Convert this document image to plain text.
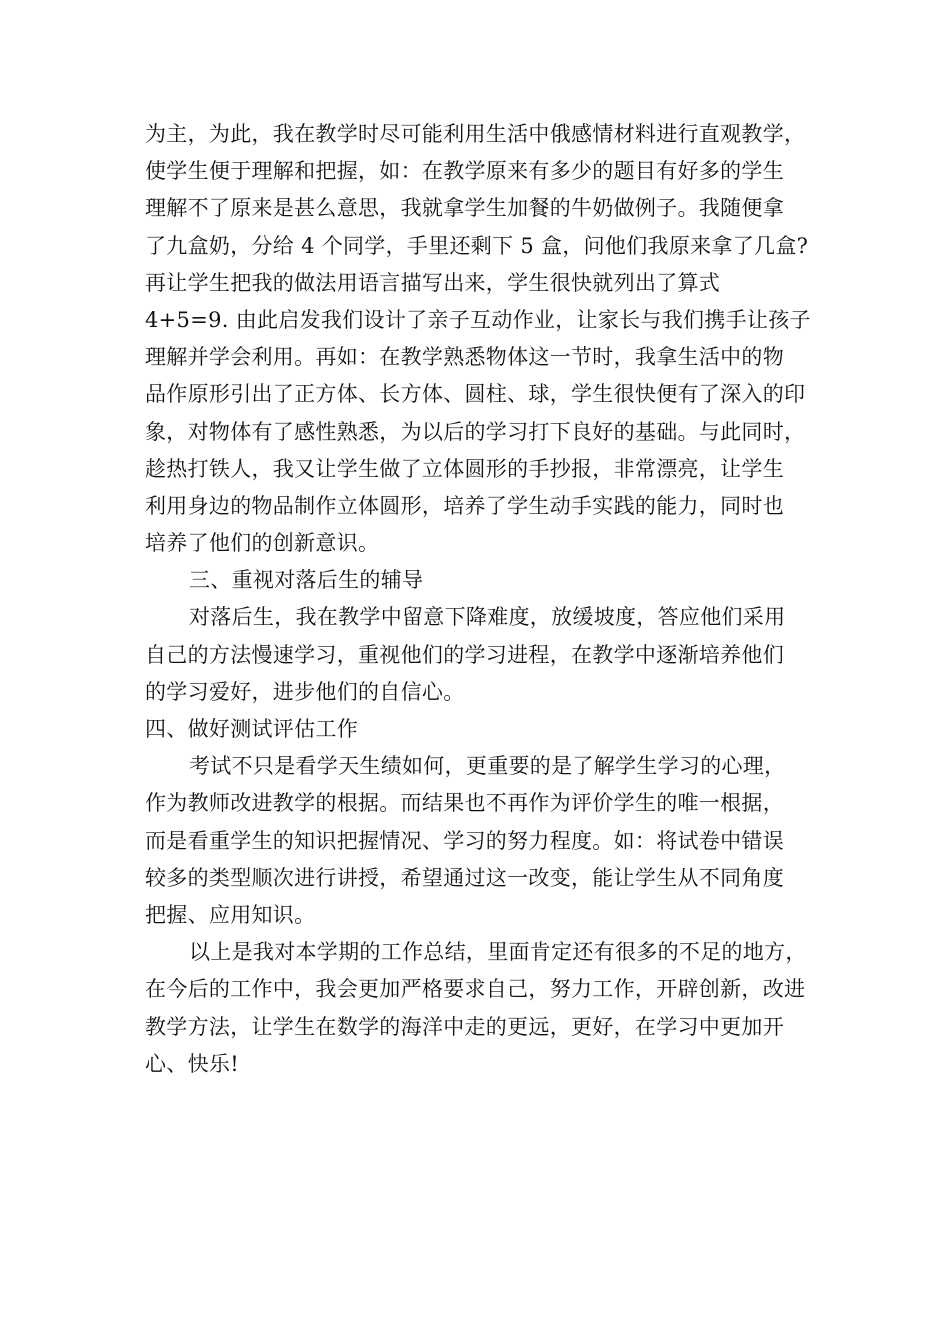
为主，为此，我在教学时尽可能利用生活中俄感情材料进行直观教学，
使学生便于理解和把握，如：在教学原来有多少的题目有好多的学生
理解不了原来是甚么意思，我就拿学生加餐的牛奶做例子。我随便拿
了九盒奶，分给 4 个同学，手里还剩下 5 盒，问他们我原来拿了几盒?
再让学生把我的做法用语言描写出来，学生很快就列出了算式
4+5=9. 由此启发我们设计了亲子互动作业，让家长与我们携手让孩子
理解并学会利用。再如：在教学熟悉物体这一节时，我拿生活中的物
品作原形引出了正方体、长方体、圆柱、球，学生很快便有了深入的印
象，对物体有了感性熟悉，为以后的学习打下良好的基础。与此同时，
趁热打铁人，我又让学生做了立体圆形的手抄报，非常漂亮，让学生
利用身边的物品制作立体圆形，培养了学生动手实践的能力，同时也
培养了他们的创新意识。
三、重视对落后生的辅导
对落后生，我在教学中留意下降难度，放缓坡度，答应他们采用
自己的方法慢速学习，重视他们的学习进程，在教学中逐渐培养他们
的学习爱好，进步他们的自信心。
四、做好测试评估工作
考试不只是看学天生绩如何，更重要的是了解学生学习的心理，
作为教师改进教学的根据。而结果也不再作为评价学生的唯一根据，
而是看重学生的知识把握情况、学习的努力程度。如：将试卷中错误
较多的类型顺次进行讲授，希望通过这一改变，能让学生从不同角度
把握、应用知识。
以上是我对本学期的工作总结，里面肯定还有很多的不足的地方，
在今后的工作中，我会更加严格要求自己，努力工作，开辟创新，改进
教学方法，让学生在数学的海洋中走的更远，更好，在学习中更加开
心、快乐!
